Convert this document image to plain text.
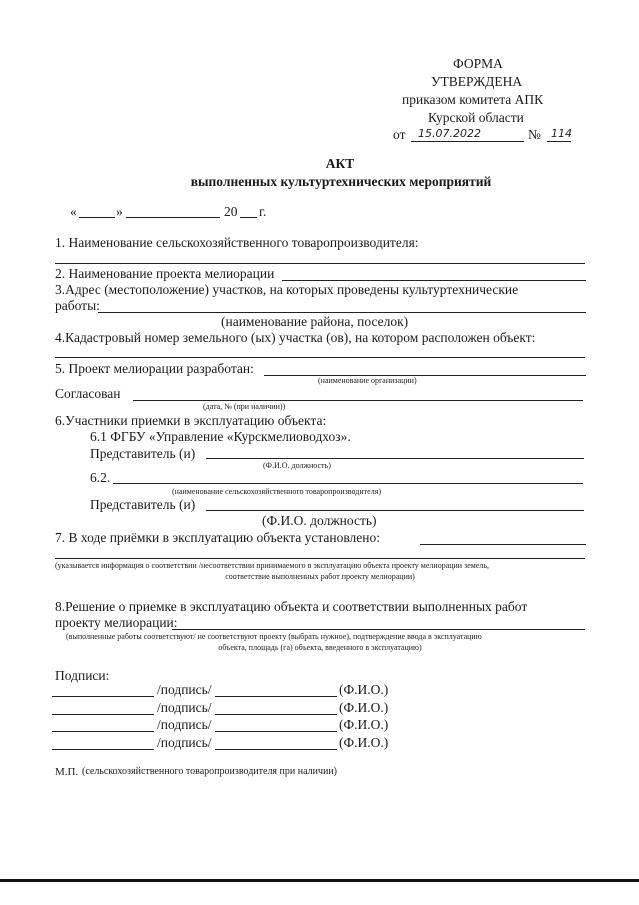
ФОРМА
УТВЕРЖДЕНА
приказом комитета АПК
Курской области
от 15.07.2022	№ 114
АКТ
выполненных культуртехнических мероприятий
«	»	20 г.
1. Наименование сельскохозяйственного товаропроизводителя:
2. Наименование проекта мелиорации
3.Адрес (местоположение) участков, на которых проведены культуртехнические
работы:
(наименование района, поселок)
4.Кадастровый номер земельного (ых) участка (ов), на котором расположен объект:
5. Проект мелиорации разработан:
(наименование организации)
Согласован
(дата, № (при наличии))
6.Участники приемки в эксплуатацию объекта:
6.1 ФГБУ «Управление «Курскмелиоводхоз».
Представитель (и)
(Ф.И.О. должность)
6.2.
(наименование сельскохозяйственного товаропроизводителя)
Представитель (и)
(Ф.И.О. должность)
7. В ходе приёмки в эксплуатацию объекта установлено:
(указывается информация о соответствии /несоответствии принимаемого в эксплуатацию объекта проекту мелиорации земель,
соответствие выполненных работ проекту мелиорации)
8.Решение о приемке в эксплуатацию объекта и соответствии выполненных работ
проекту мелиорации:
(выполненные работы соответствуют/ не соответствуют проекту (выбрать нужное), подтверждение ввода в эксплуатацию
объекта, площадь (га) объекта, введенного в эксплуатацию)
Подписи:
/подпись/	(Ф.И.О.)
/подпись/	(Ф.И.О.)
/подпись/	(Ф.И.О.)
/подпись/	(Ф.И.О.)
М.П. (сельскохозяйственного товаропроизводителя при наличии)
